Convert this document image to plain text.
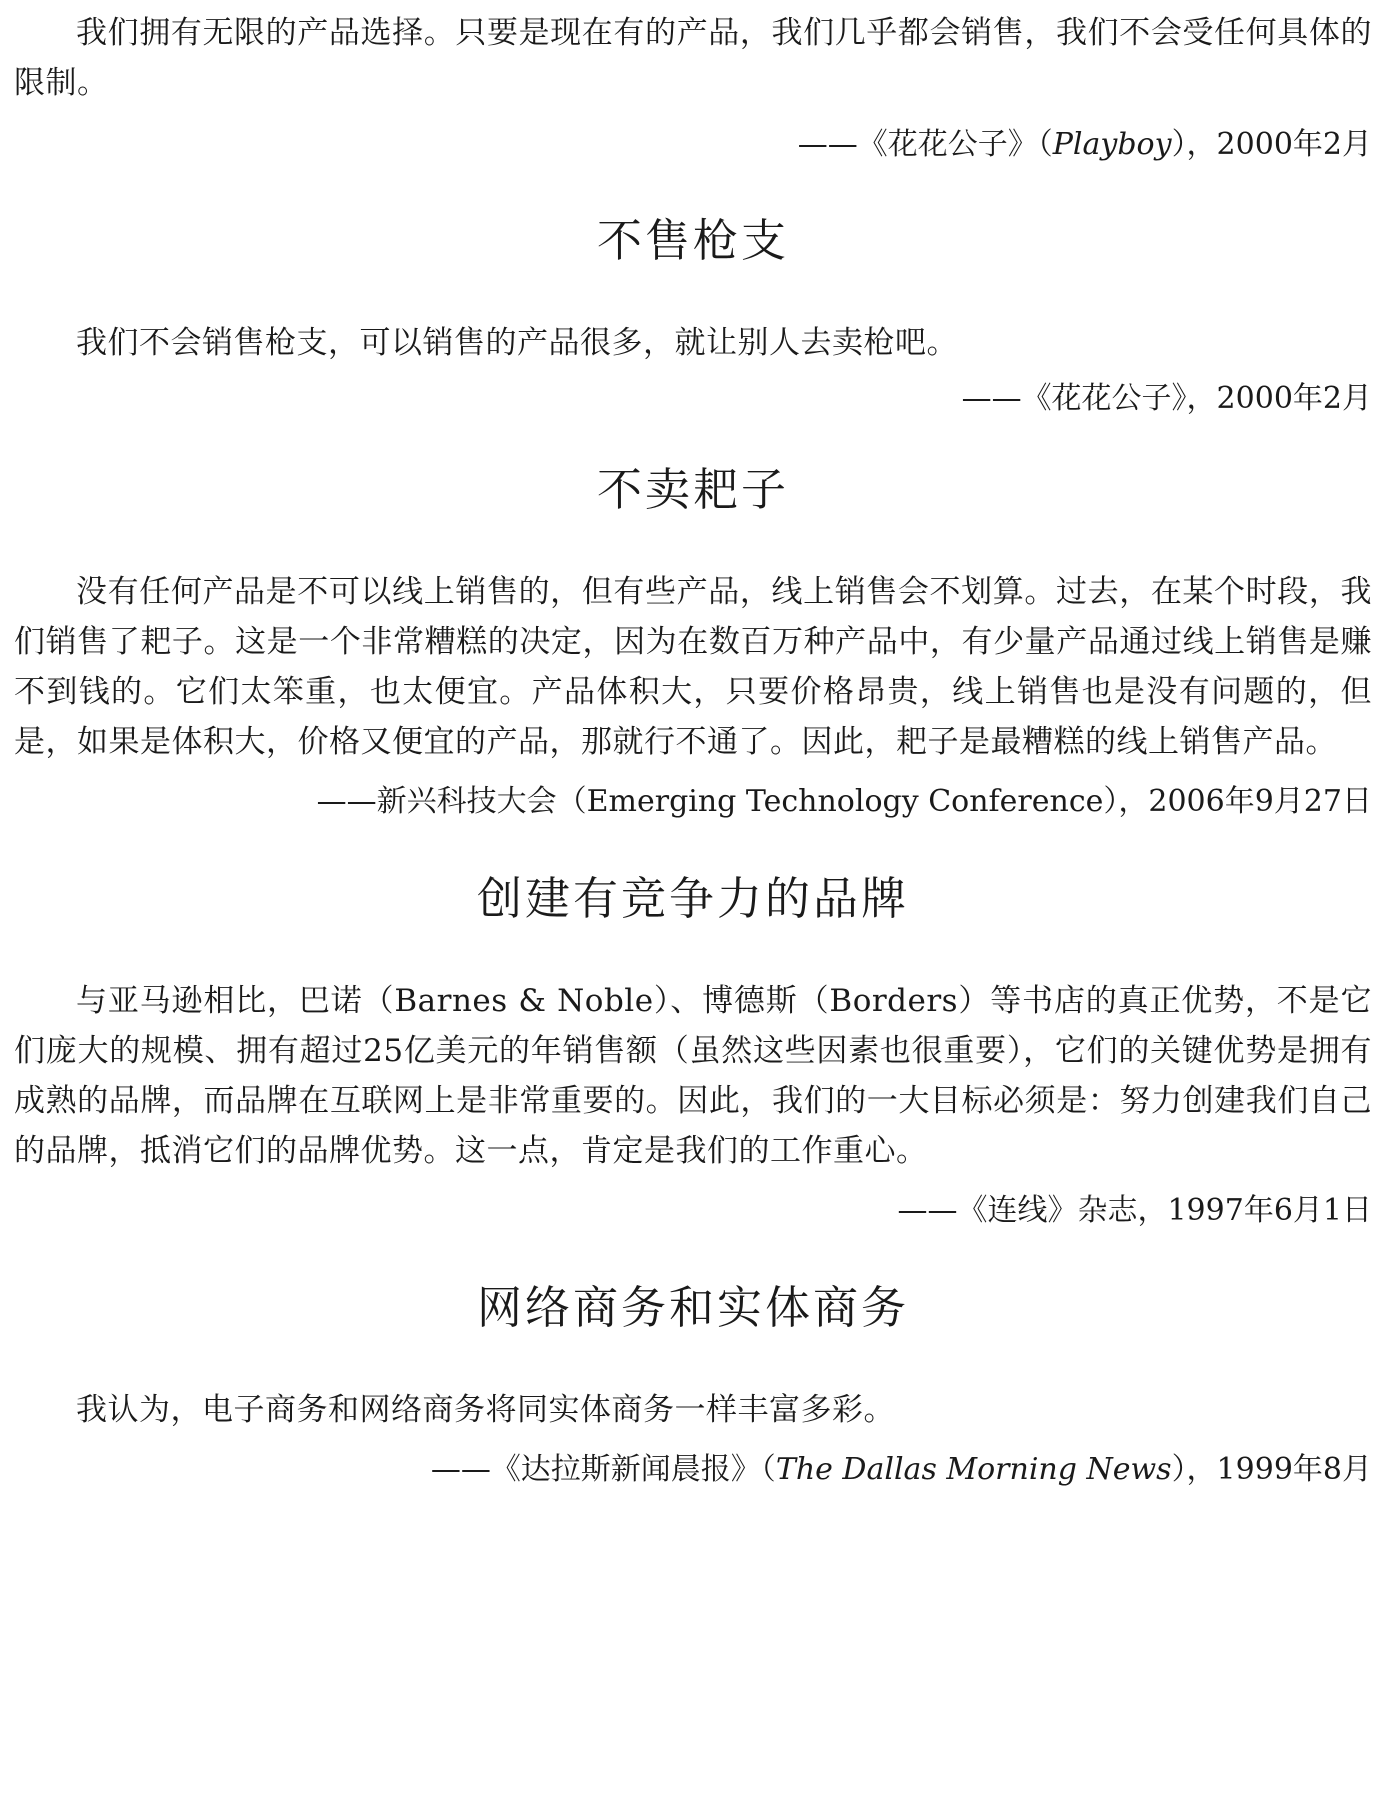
我们拥有无限的产品选择。只要是现在有的产品，我们几乎都会销售，我们不会受任何具体的限制。

——《花花公子》（Playboy），2000年2月

不售枪支

我们不会销售枪支，可以销售的产品很多，就让别人去卖枪吧。

——《花花公子》，2000年2月

不卖耙子

没有任何产品是不可以线上销售的，但有些产品，线上销售会不划算。过去，在某个时段，我们销售了耙子。这是一个非常糟糕的决定，因为在数百万种产品中，有少量产品通过线上销售是赚不到钱的。它们太笨重，也太便宜。产品体积大，只要价格昂贵，线上销售也是没有问题的，但是，如果是体积大，价格又便宜的产品，那就行不通了。因此，耙子是最糟糕的线上销售产品。

——新兴科技大会（Emerging Technology Conference），2006年9月27日

创建有竞争力的品牌

与亚马逊相比，巴诺（Barnes & Noble）、博德斯（Borders）等书店的真正优势，不是它们庞大的规模、拥有超过25亿美元的年销售额（虽然这些因素也很重要），它们的关键优势是拥有成熟的品牌，而品牌在互联网上是非常重要的。因此，我们的一大目标必须是：努力创建我们自己的品牌，抵消它们的品牌优势。这一点，肯定是我们的工作重心。

——《连线》杂志，1997年6月1日

网络商务和实体商务

我认为，电子商务和网络商务将同实体商务一样丰富多彩。

——《达拉斯新闻晨报》（The Dallas Morning News），1999年8月
